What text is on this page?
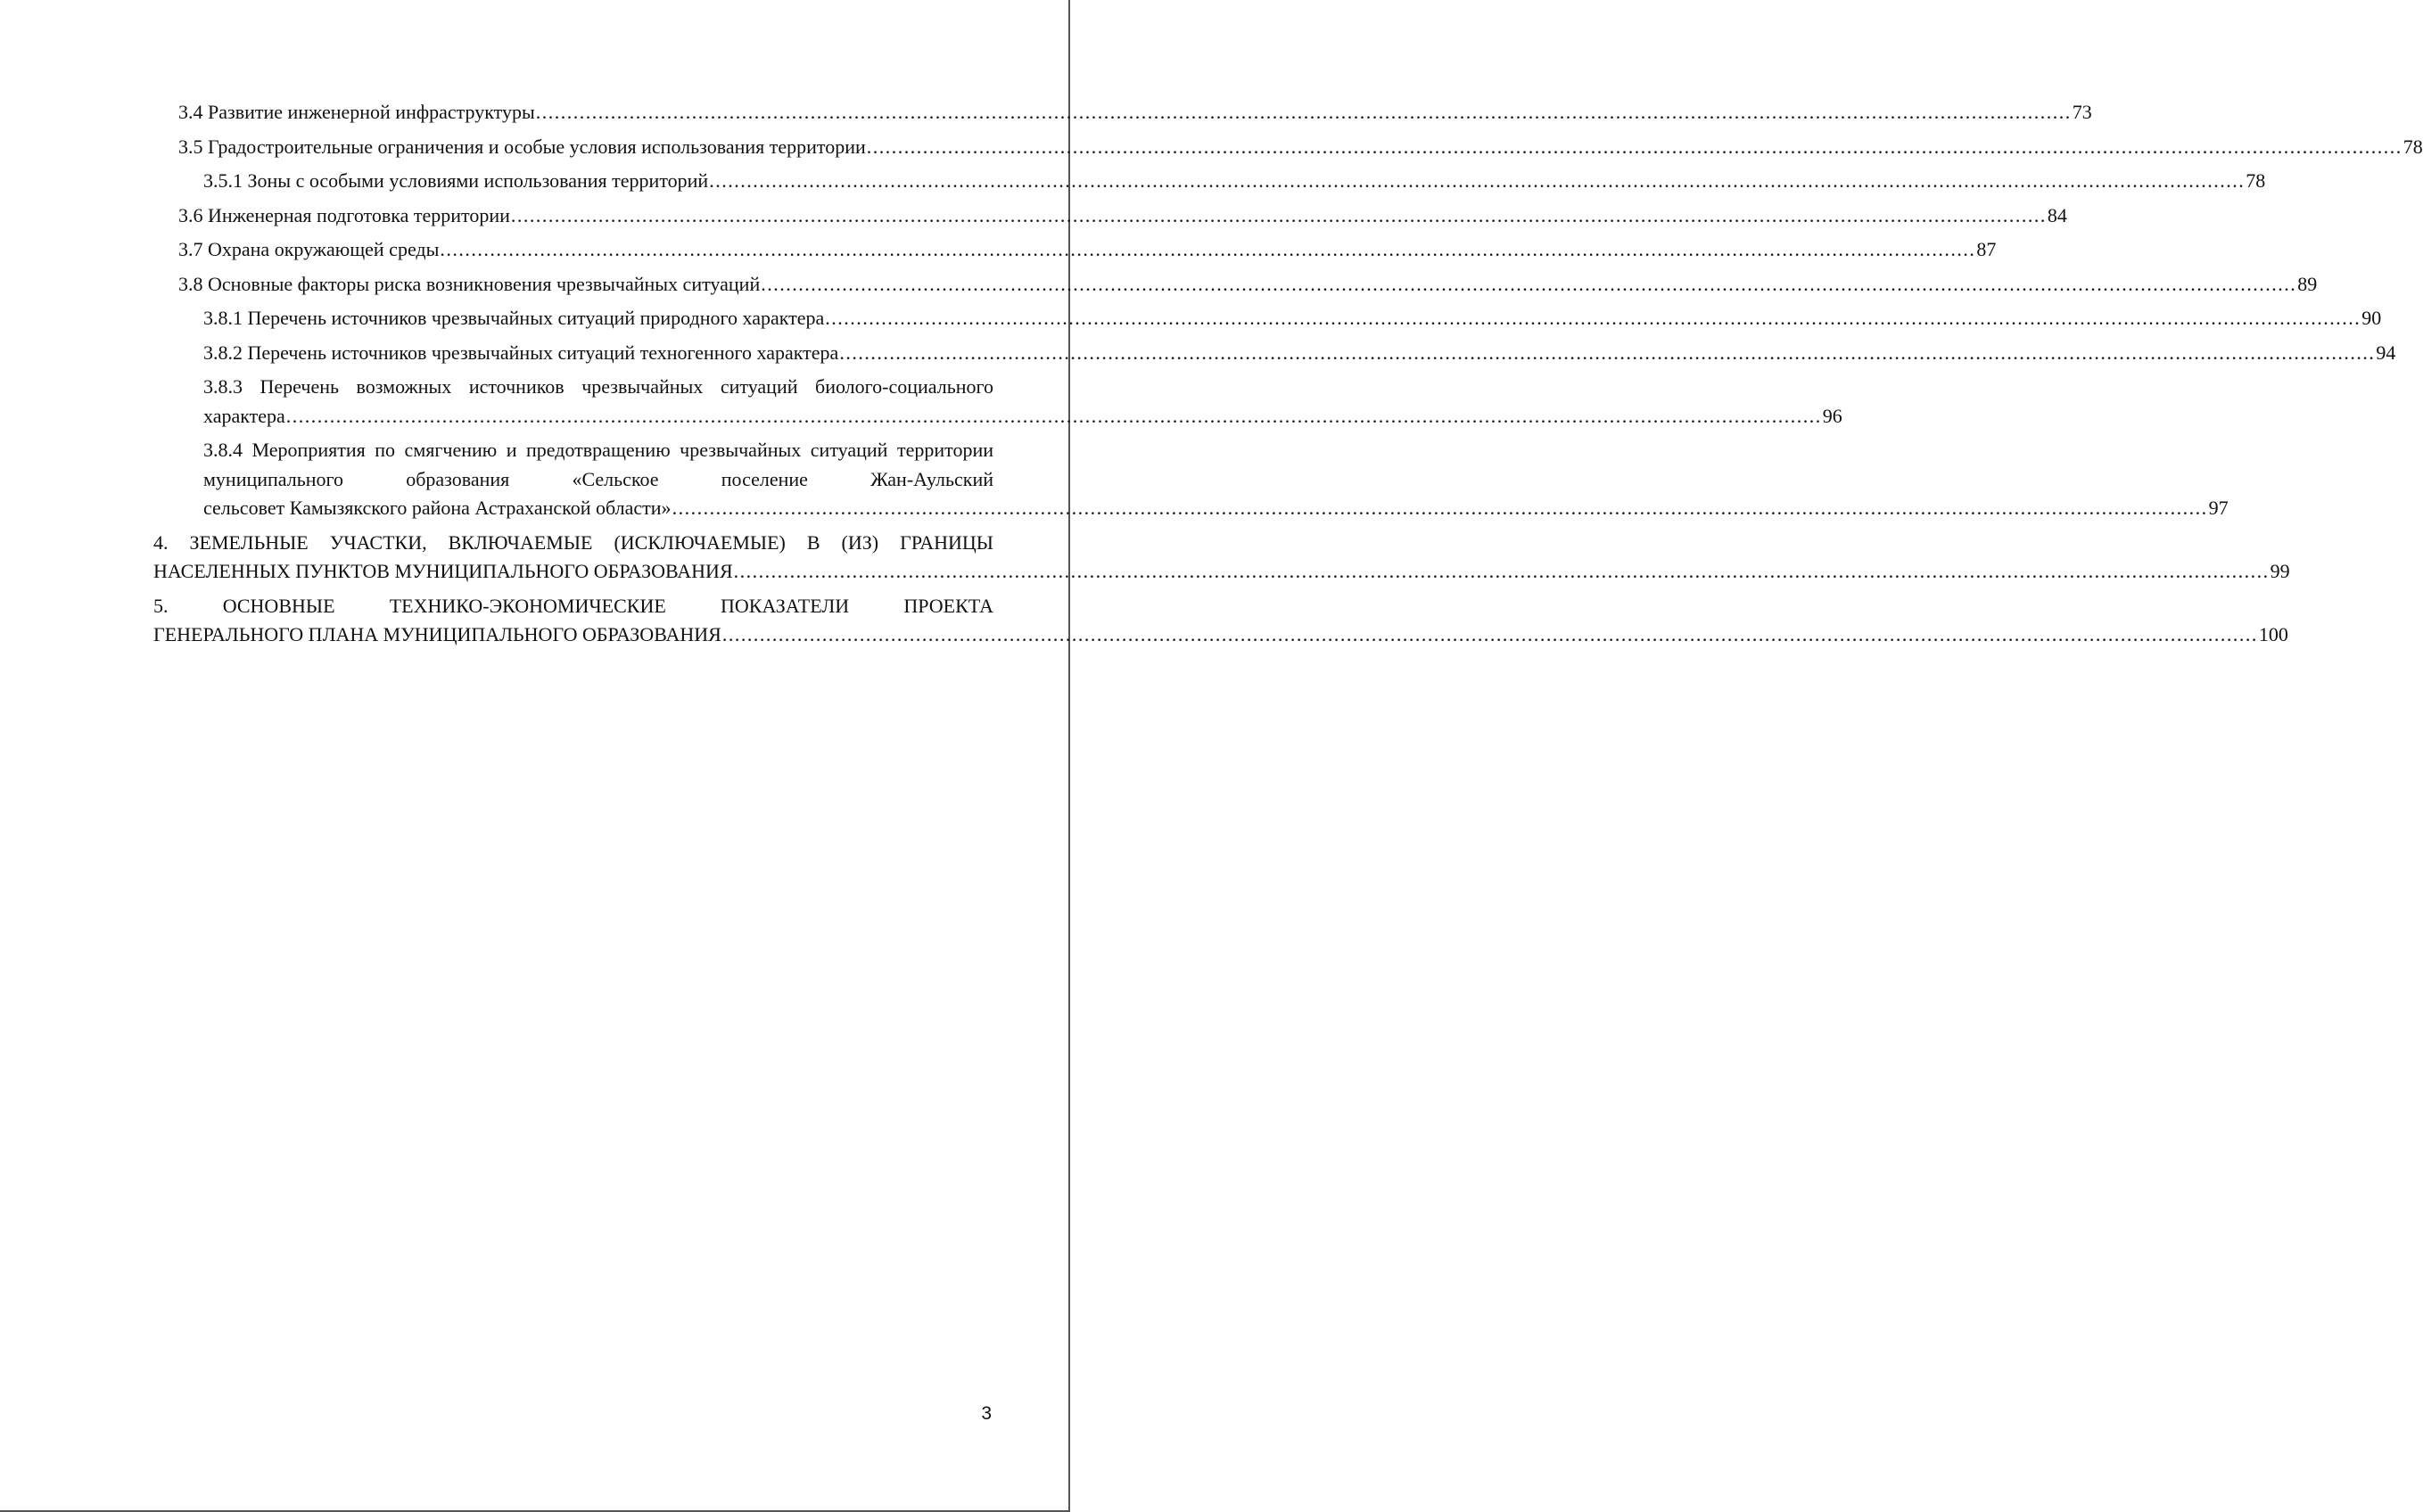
3.4 Развитие инженерной инфраструктуры .....	73
3.5 Градостроительные ограничения и особые условия использования территории .....	78
3.5.1 Зоны с особыми условиями использования территорий .....	78
3.6 Инженерная подготовка территории .....	84
3.7 Охрана окружающей среды .....	87
3.8 Основные факторы риска возникновения чрезвычайных ситуаций .....	89
3.8.1 Перечень источников чрезвычайных ситуаций природного характера .....	90
3.8.2 Перечень источников чрезвычайных ситуаций техногенного характера .....	94
3.8.3 Перечень возможных источников чрезвычайных ситуаций биолого-социального
характера .....	96
3.8.4 Мероприятия по смягчению и предотвращению чрезвычайных ситуаций территории муниципального образования «Сельское поселение Жан-Аульский
сельсовет Камызякского района Астраханской области» .....	97
4. ЗЕМЕЛЬНЫЕ УЧАСТКИ, ВКЛЮЧАЕМЫЕ (ИСКЛЮЧАЕМЫЕ) В (ИЗ) ГРАНИЦЫ
НАСЕЛЕННЫХ ПУНКТОВ МУНИЦИПАЛЬНОГО ОБРАЗОВАНИЯ .....	99
5. ОСНОВНЫЕ ТЕХНИКО-ЭКОНОМИЧЕСКИЕ ПОКАЗАТЕЛИ ПРОЕКТА
ГЕНЕРАЛЬНОГО ПЛАНА МУНИЦИПАЛЬНОГО ОБРАЗОВАНИЯ .....	100
3
